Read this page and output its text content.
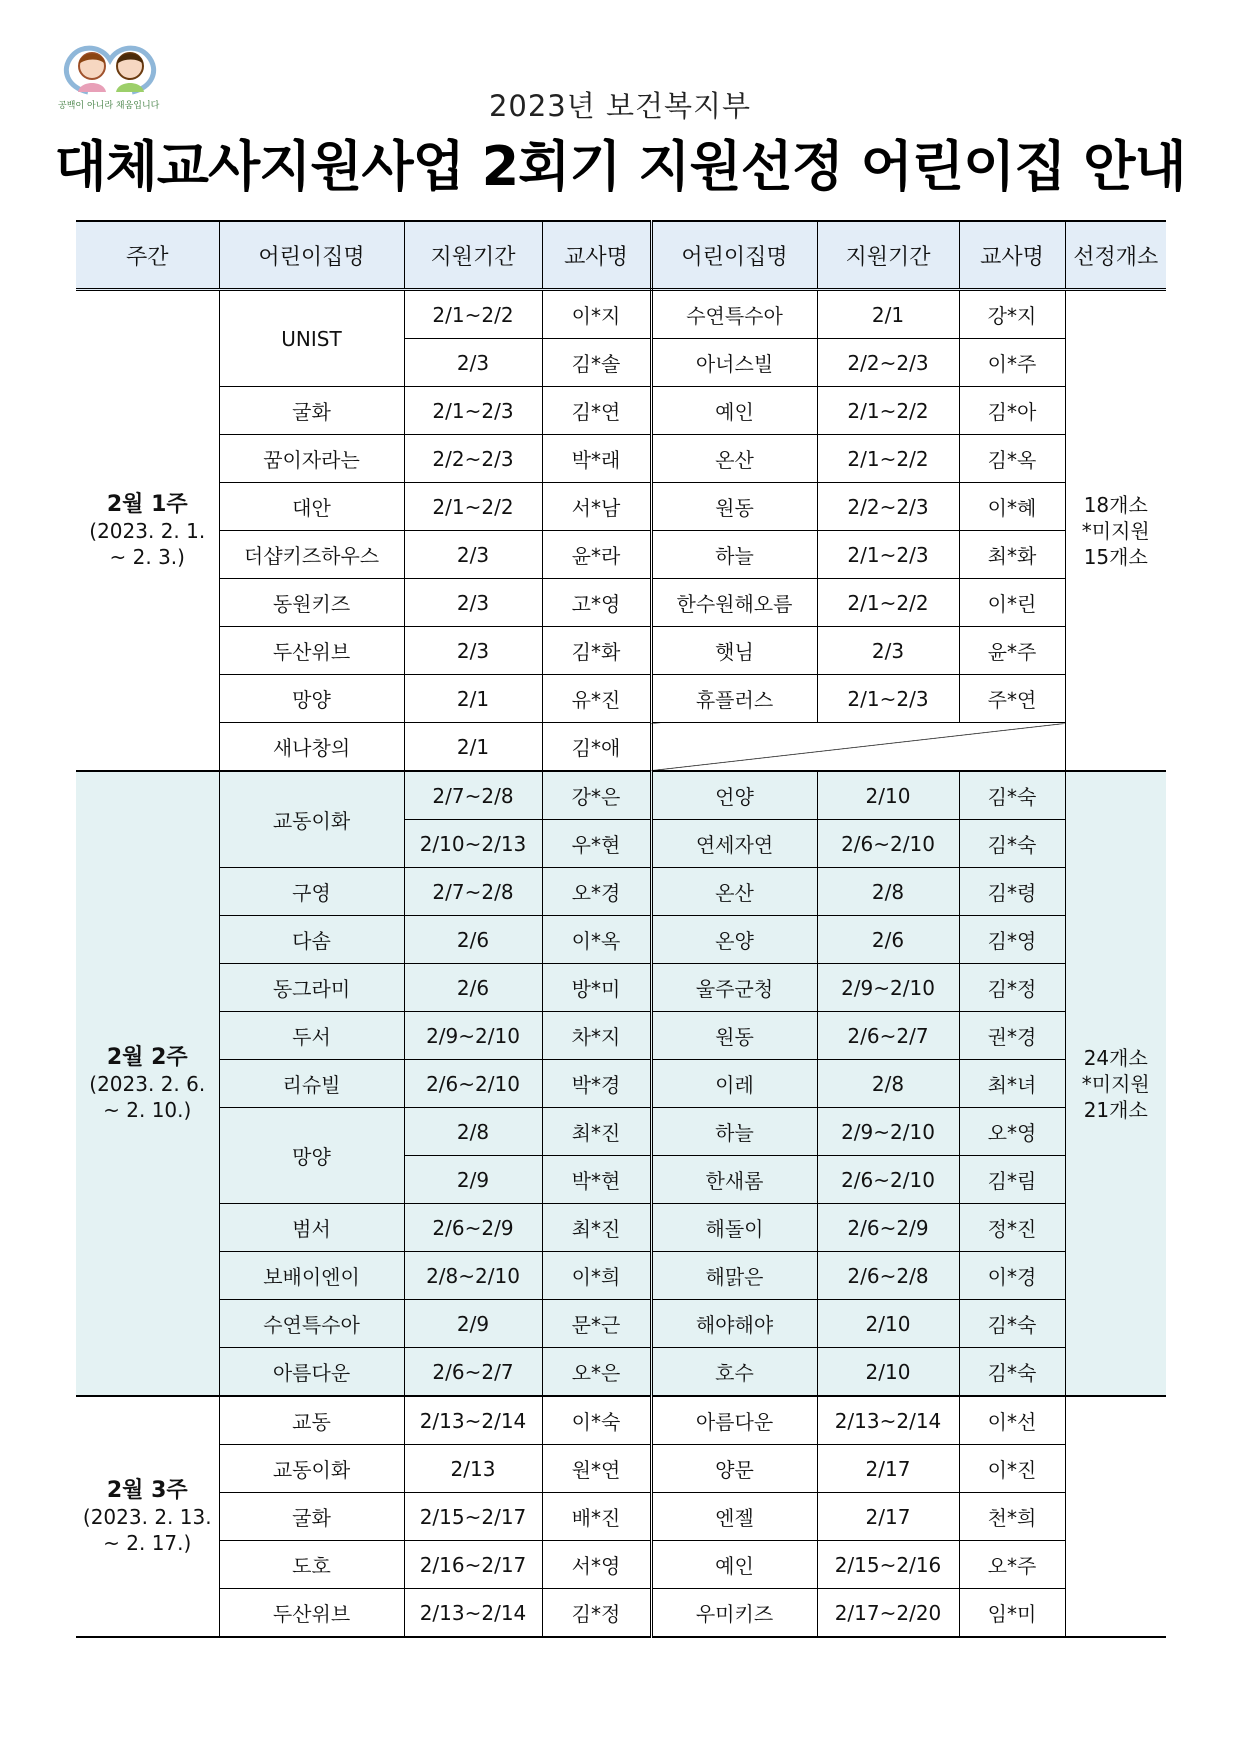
공백이 아니라 채움입니다	2023년 보건복지부
대체교사지원사업 2회기 지원선정 어린이집 안내
주간	어린이집명	지원기간	교사명	어린이집명	지원기간	교사명	선정개소
2월 1주
(2023. 2. 1.
~ 2. 3.)	UNIST	2/1~2/2	이*지	수연특수아	2/1	강*지	18개소
*미지원
15개소
		2/3	김*솔	아너스빌	2/2~2/3	이*주	
	굴화	2/1~2/3	김*연	예인	2/1~2/2	김*아	
	꿈이자라는	2/2~2/3	박*래	온산	2/1~2/2	김*옥	
	대안	2/1~2/2	서*남	원동	2/2~2/3	이*혜	
	더샵키즈하우스	2/3	윤*라	하늘	2/1~2/3	최*화	
	동원키즈	2/3	고*영	한수원해오름	2/1~2/2	이*린	
	두산위브	2/3	김*화	햇님	2/3	윤*주	
	망양	2/1	유*진	휴플러스	2/1~2/3	주*연	
	새나창의	2/1	김*애				
2월 2주
(2023. 2. 6.
~ 2. 10.)	교동이화	2/7~2/8	강*은	언양	2/10	김*숙	24개소
*미지원
21개소
		2/10~2/13	우*현	연세자연	2/6~2/10	김*숙	
	구영	2/7~2/8	오*경	온산	2/8	김*령	
	다솜	2/6	이*옥	온양	2/6	김*영	
	동그라미	2/6	방*미	울주군청	2/9~2/10	김*정	
	두서	2/9~2/10	차*지	원동	2/6~2/7	권*경	
	리슈빌	2/6~2/10	박*경	이레	2/8	최*녀	
	망양	2/8	최*진	하늘	2/9~2/10	오*영	
		2/9	박*현	한새롬	2/6~2/10	김*림	
	범서	2/6~2/9	최*진	해돌이	2/6~2/9	정*진	
	보배이엔이	2/8~2/10	이*희	해맑은	2/6~2/8	이*경	
	수연특수아	2/9	문*근	해야해야	2/10	김*숙	
	아름다운	2/6~2/7	오*은	호수	2/10	김*숙	
2월 3주
(2023. 2. 13.
~ 2. 17.)	교동	2/13~2/14	이*숙	아름다운	2/13~2/14	이*선	
	교동이화	2/13	원*연	양문	2/17	이*진	
	굴화	2/15~2/17	배*진	엔젤	2/17	천*희	
	도호	2/16~2/17	서*영	예인	2/15~2/16	오*주	
	두산위브	2/13~2/14	김*정	우미키즈	2/17~2/20	임*미	
